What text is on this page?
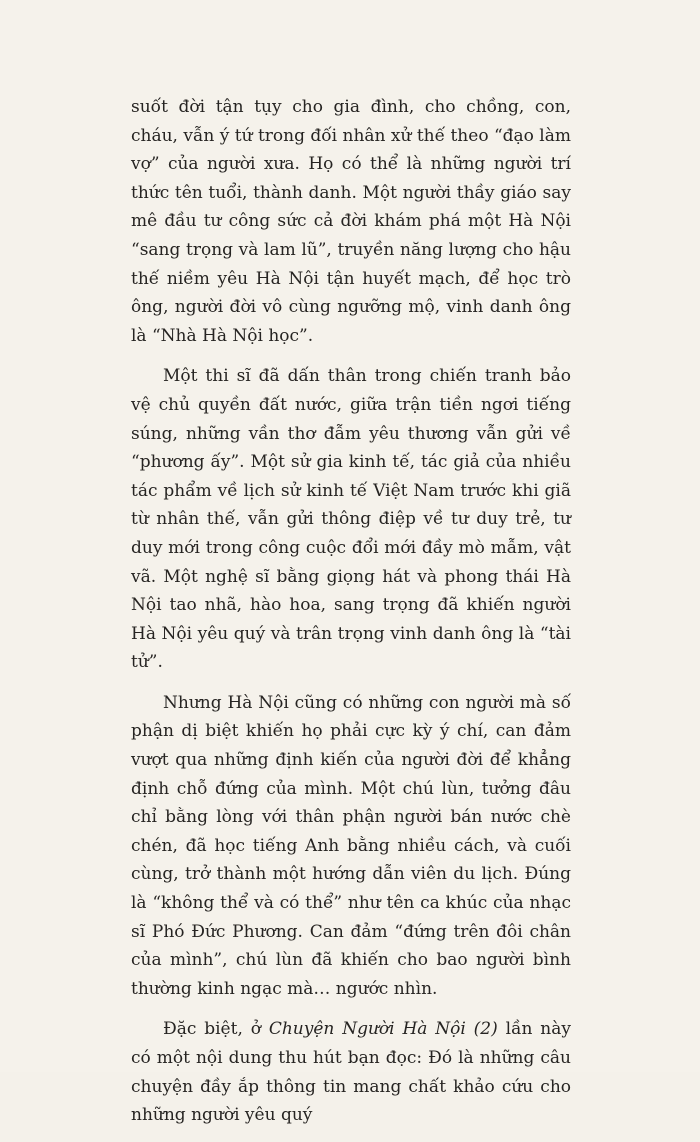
suốt đời tận tụy cho gia đình, cho chồng, con, cháu, vẫn ý tứ trong đối nhân xử thế theo “đạo làm vợ” của người xưa. Họ có thể là những người trí thức tên tuổi, thành danh. Một người thầy giáo say mê đầu tư công sức cả đời khám phá một Hà Nội “sang trọng và lam lũ”, truyền năng lượng cho hậu thế niềm yêu Hà Nội tận huyết mạch, để học trò ông, người đời vô cùng ngưỡng mộ, vinh danh ông là “Nhà Hà Nội học”.

Một thi sĩ đã dấn thân trong chiến tranh bảo vệ chủ quyền đất nước, giữa trận tiền ngơi tiếng súng, những vần thơ đẫm yêu thương vẫn gửi về “phương ấy”. Một sử gia kinh tế, tác giả của nhiều tác phẩm về lịch sử kinh tế Việt Nam trước khi giã từ nhân thế, vẫn gửi thông điệp về tư duy trẻ, tư duy mới trong công cuộc đổi mới đầy mò mẫm, vật vã. Một nghệ sĩ bằng giọng hát và phong thái Hà Nội tao nhã, hào hoa, sang trọng đã khiến người Hà Nội yêu quý và trân trọng vinh danh ông là “tài tử”.

Nhưng Hà Nội cũng có những con người mà số phận dị biệt khiến họ phải cực kỳ ý chí, can đảm vượt qua những định kiến của người đời để khẳng định chỗ đứng của mình. Một chú lùn, tưởng đâu chỉ bằng lòng với thân phận người bán nước chè chén, đã học tiếng Anh bằng nhiều cách, và cuối cùng, trở thành một hướng dẫn viên du lịch. Đúng là “không thể và có thể” như tên ca khúc của nhạc sĩ Phó Đức Phương. Can đảm “đứng trên đôi chân của mình”, chú lùn đã khiến cho bao người bình thường kinh ngạc mà… ngước nhìn.

Đặc biệt, ở Chuyện Người Hà Nội (2) lần này có một nội dung thu hút bạn đọc: Đó là những câu chuyện đầy ắp thông tin mang chất khảo cứu cho những người yêu quý
